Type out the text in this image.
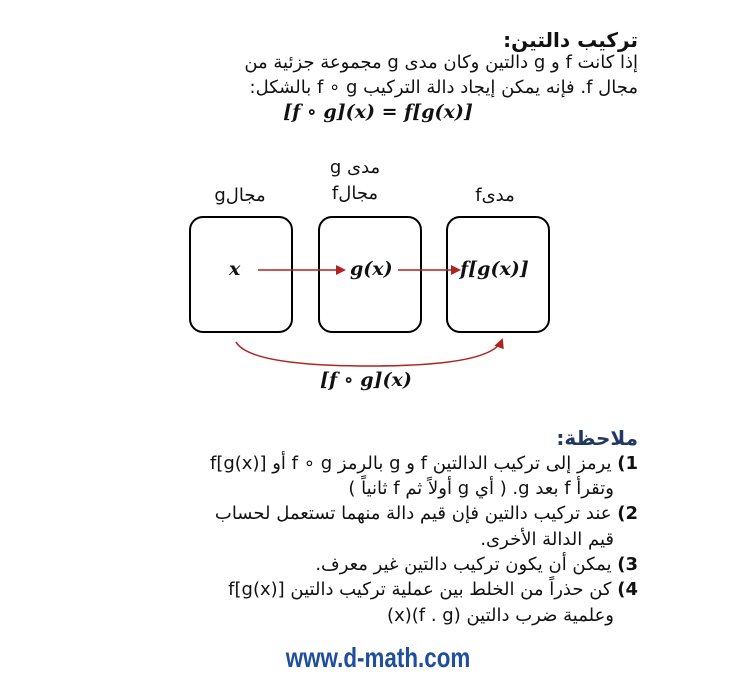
تركيب دالتين:
إذا كانت f و g دالتين وكان مدى g مجموعة جزئية من
مجال f. فإنه يمكن إيجاد دالة التركيب f ∘ g بالشكل:
[f ∘ g](x) = f[g(x)]
مجالg
مدى g
مجالf	مدىf
x	g(x)	f[g(x)]
[f ∘ g](x)
ملاحظة:
1) يرمز إلى تركيب الدالتين f و g بالرمز f ∘ g أو f[g(x)]
وتقرأ f بعد g. ( أي g أولاً ثم f ثانياً )
2) عند تركيب دالتين فإن قيم دالة منهما تستعمل لحساب
قيم الدالة الأخرى.
3) يمكن أن يكون تركيب دالتين غير معرف.
4) كن حذراً من الخلط بين عملية تركيب دالتين f[g(x)]
وعلمية ضرب دالتين (f . g)(x)
www.d-math.com
